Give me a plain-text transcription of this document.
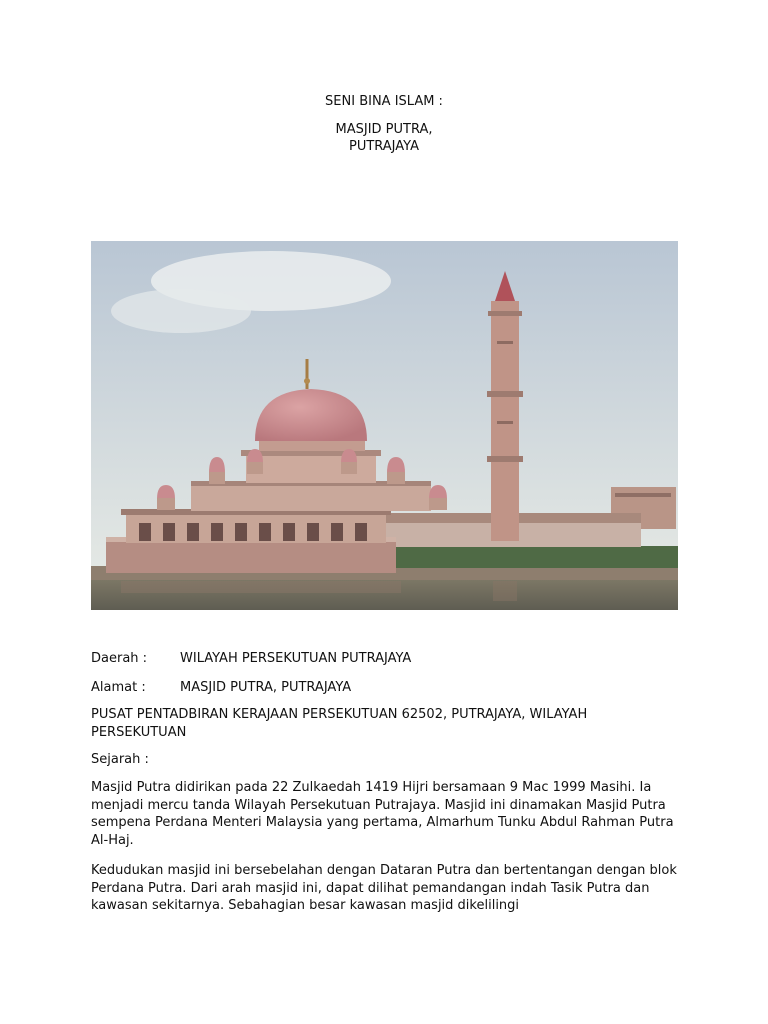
SENI BINA ISLAM :

MASJID PUTRA,
PUTRAJAYA
Daerah :	WILAYAH PERSEKUTUAN PUTRAJAYA
Alamat :	MASJID PUTRA, PUTRAJAYA

PUSAT PENTADBIRAN KERAJAAN PERSEKUTUAN 62502, PUTRAJAYA, WILAYAH PERSEKUTUAN

Sejarah :

Masjid Putra didirikan pada 22 Zulkaedah 1419 Hijri bersamaan 9 Mac 1999 Masihi. Ia menjadi mercu tanda Wilayah Persekutuan Putrajaya. Masjid ini dinamakan Masjid Putra sempena Perdana Menteri Malaysia yang pertama, Almarhum Tunku Abdul Rahman Putra Al-Haj.

Kedudukan masjid ini bersebelahan dengan Dataran Putra dan bertentangan dengan blok Perdana Putra. Dari arah masjid ini, dapat dilihat pemandangan indah Tasik Putra dan kawasan sekitarnya. Sebahagian besar kawasan masjid dikelilingi
